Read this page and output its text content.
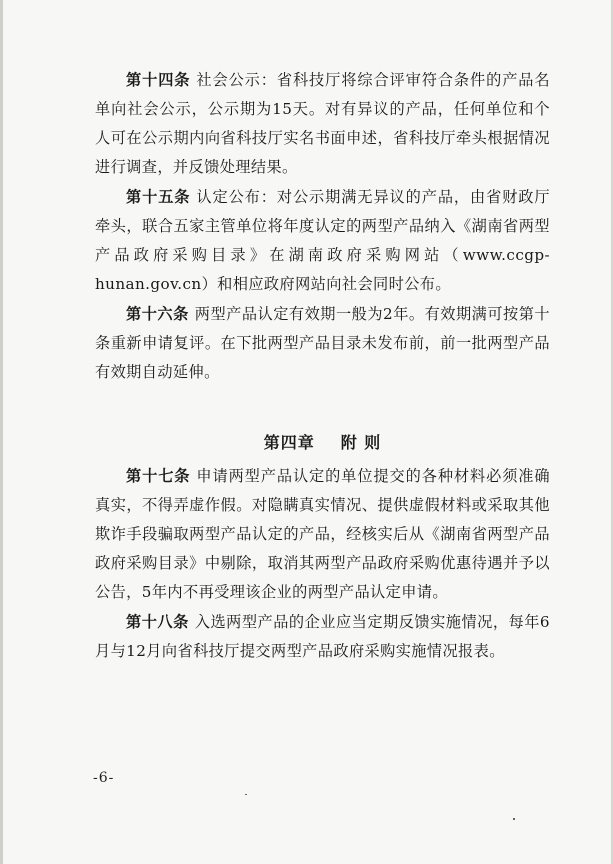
第十四条 社会公示：省科技厅将综合评审符合条件的产品名单向社会公示，公示期为15天。对有异议的产品，任何单位和个人可在公示期内向省科技厅实名书面申述，省科技厅牵头根据情况进行调查，并反馈处理结果。

第十五条 认定公布：对公示期满无异议的产品，由省财政厅牵头，联合五家主管单位将年度认定的两型产品纳入《湖南省两型产品政府采购目录》在湖南政府采购网站（www.ccgp-hunan.gov.cn）和相应政府网站向社会同时公布。

第十六条 两型产品认定有效期一般为2年。有效期满可按第十条重新申请复评。在下批两型产品目录未发布前，前一批两型产品有效期自动延伸。

第四章 附 则

第十七条 申请两型产品认定的单位提交的各种材料必须准确真实，不得弄虚作假。对隐瞒真实情况、提供虚假材料或采取其他欺诈手段骗取两型产品认定的产品，经核实后从《湖南省两型产品政府采购目录》中剔除，取消其两型产品政府采购优惠待遇并予以公告，5年内不再受理该企业的两型产品认定申请。

第十八条 入选两型产品的企业应当定期反馈实施情况，每年6月与12月向省科技厅提交两型产品政府采购实施情况报表。

-6-
